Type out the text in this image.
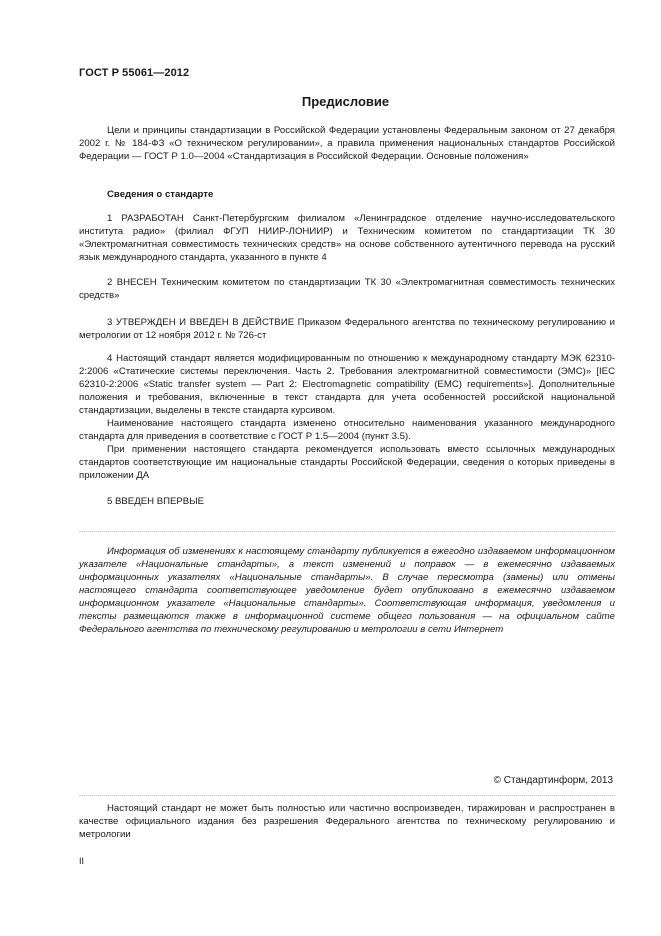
ГОСТ Р 55061—2012
Предисловие

Цели и принципы стандартизации в Российской Федерации установлены Федеральным законом от 27 декабря 2002 г. № 184-ФЗ «О техническом регулировании», а правила применения национальных стандартов Российской Федерации — ГОСТ Р 1.0—2004 «Стандартизация в Российской Федерации. Основные положения»

Сведения о стандарте

1 РАЗРАБОТАН Санкт-Петербургским филиалом «Ленинградское отделение научно-исследовательского института радио» (филиал ФГУП НИИР-ЛОНИИР) и Техническим комитетом по стандартизации ТК 30 «Электромагнитная совместимость технических средств» на основе собственного аутентичного перевода на русский язык международного стандарта, указанного в пункте 4

2 ВНЕСЕН Техническим комитетом по стандартизации ТК 30 «Электромагнитная совместимость технических средств»

3 УТВЕРЖДЕН И ВВЕДЕН В ДЕЙСТВИЕ Приказом Федерального агентства по техническому регулированию и метрологии от 12 ноября 2012 г. № 726-ст

4 Настоящий стандарт является модифицированным по отношению к международному стандарту МЭК 62310-2:2006 «Статические системы переключения. Часть 2. Требования электромагнитной совместимости (ЭМС)» [IEC 62310-2:2006 «Static transfer system — Part 2: Electromagnetic compatibility (EMC) requirements»]. Дополнительные положения и требования, включенные в текст стандарта для учета особенностей российской национальной стандартизации, выделены в тексте стандарта курсивом.

Наименование настоящего стандарта изменено относительно наименования указанного международного стандарта для приведения в соответствие с ГОСТ Р 1.5—2004 (пункт 3.5).

При применении настоящего стандарта рекомендуется использовать вместо ссылочных международных стандартов соответствующие им национальные стандарты Российской Федерации, сведения о которых приведены в приложении ДА

5 ВВЕДЕН ВПЕРВЫЕ

Информация об изменениях к настоящему стандарту публикуется в ежегодно издаваемом информационном указателе «Национальные стандарты», а текст изменений и поправок — в ежемесячно издаваемых информационных указателях «Национальные стандарты». В случае пересмотра (замены) или отмены настоящего стандарта соответствующее уведомление будет опубликовано в ежемесячно издаваемом информационном указателе «Национальные стандарты». Соответствующая информация, уведомления и тексты размещаются также в информационной системе общего пользования — на официальном сайте Федерального агентства по техническому регулированию и метрологии в сети Интернет

© Стандартинформ, 2013

Настоящий стандарт не может быть полностью или частично воспроизведен, тиражирован и распространен в качестве официального издания без разрешения Федерального агентства по техническому регулированию и метрологии

II
